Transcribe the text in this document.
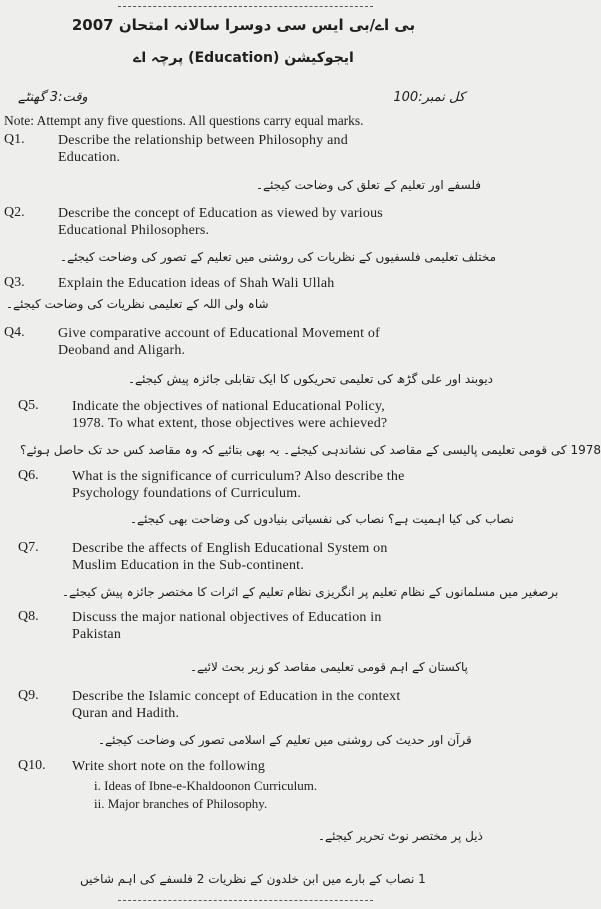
بی اے/بی ایس سی دوسرا سالانہ امتحان 2007
ایجوکیشن (Education) پرچہ اے
کل نمبر:100
وقت:3 گھنٹے
Note: Attempt any five questions. All questions carry equal marks.
Q1. Describe the relationship between Philosophy and
Education.
فلسفے اور تعلیم کے تعلق کی وضاحت کیجئے۔
Q2. Describe the concept of Education as viewed by various
Educational Philosophers.
مختلف تعلیمی فلسفیوں کے نظریات کی روشنی میں تعلیم کے تصور کی وضاحت کیجئے۔
Q3. Explain the Education ideas of Shah Wali Ullah
شاہ ولی اللہ کے تعلیمی نظریات کی وضاحت کیجئے۔
Q4. Give comparative account of Educational Movement of
Deoband and Aligarh.
دیوبند اور علی گڑھ کی تعلیمی تحریکوں کا ایک تقابلی جائزہ پیش کیجئے۔
Q5. Indicate the objectives of national Educational Policy,
1978. To what extent, those objectives were achieved?
1978 کی قومی تعلیمی پالیسی کے مقاصد کی نشاندہی کیجئے۔ یہ بھی بتائیے کہ وہ مقاصد کس حد تک حاصل ہوئے؟
Q6. What is the significance of curriculum? Also describe the
Psychology foundations of Curriculum.
نصاب کی کیا اہمیت ہے؟ نصاب کی نفسیاتی بنیادوں کی وضاحت بھی کیجئے۔
Q7. Describe the affects of English Educational System on
Muslim Education in the Sub-continent.
برصغیر میں مسلمانوں کے نظام تعلیم پر انگریزی نظام تعلیم کے اثرات کا مختصر جائزہ پیش کیجئے۔
Q8. Discuss the major national objectives of Education in
Pakistan
پاکستان کے اہم قومی تعلیمی مقاصد کو زیر بحث لائیے۔
Q9. Describe the Islamic concept of Education in the context
Quran and Hadith.
قرآن اور حدیث کی روشنی میں تعلیم کے اسلامی تصور کی وضاحت کیجئے۔
Q10. Write short note on the following
i. Ideas of Ibne-e-Khaldoonon Curriculum.
ii. Major branches of Philosophy.
ذیل پر مختصر نوٹ تحریر کیجئے۔
1 نصاب کے بارے میں ابن خلدون کے نظریات 2 فلسفے کی اہم شاخیں
